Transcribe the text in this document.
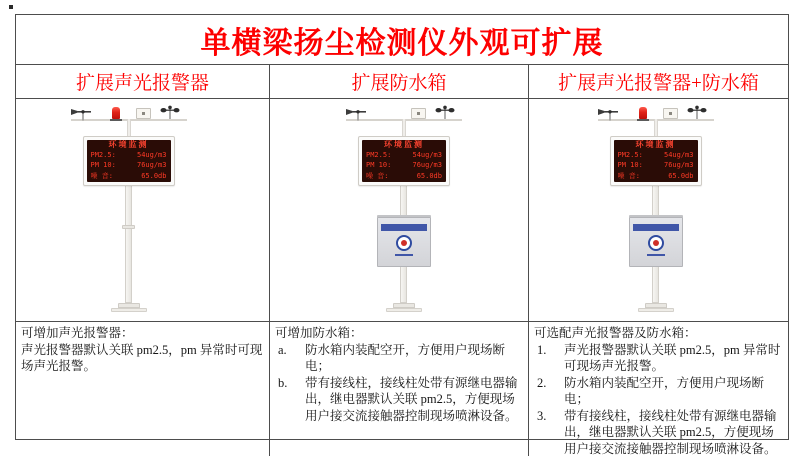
单横梁扬尘检测仪外观可扩展
扩展声光报警器	扩展防水箱	扩展声光报警器+防水箱
环境监测
PM2.5:	54ug/m3
PM 10:	76ug/m3
噪 音:	65.0db
环境监测
PM2.5:	54ug/m3
PM 10:	76ug/m3
噪 音:	65.0db
环境监测
PM2.5:	54ug/m3
PM 10:	76ug/m3
噪 音:	65.0db
可增加声光报警器：
声光报警器默认关联 pm2.5，pm 异常时可现场声光报警。
可增加防水箱：
a.	防水箱内装配空开，方便用户现场断电；
b.	带有接线柱，接线柱处带有源继电器输出，继电器默认关联 pm2.5，方便现场用户接交流接触器控制现场喷淋设备。
可选配声光报警器及防水箱：
1.	声光报警器默认关联 pm2.5，pm 异常时可现场声光报警。
2.	防水箱内装配空开，方便用户现场断电；
3.	带有接线柱，接线柱处带有源继电器输出，继电器默认关联 pm2.5，方便现场用户接交流接触器控制现场喷淋设备。
